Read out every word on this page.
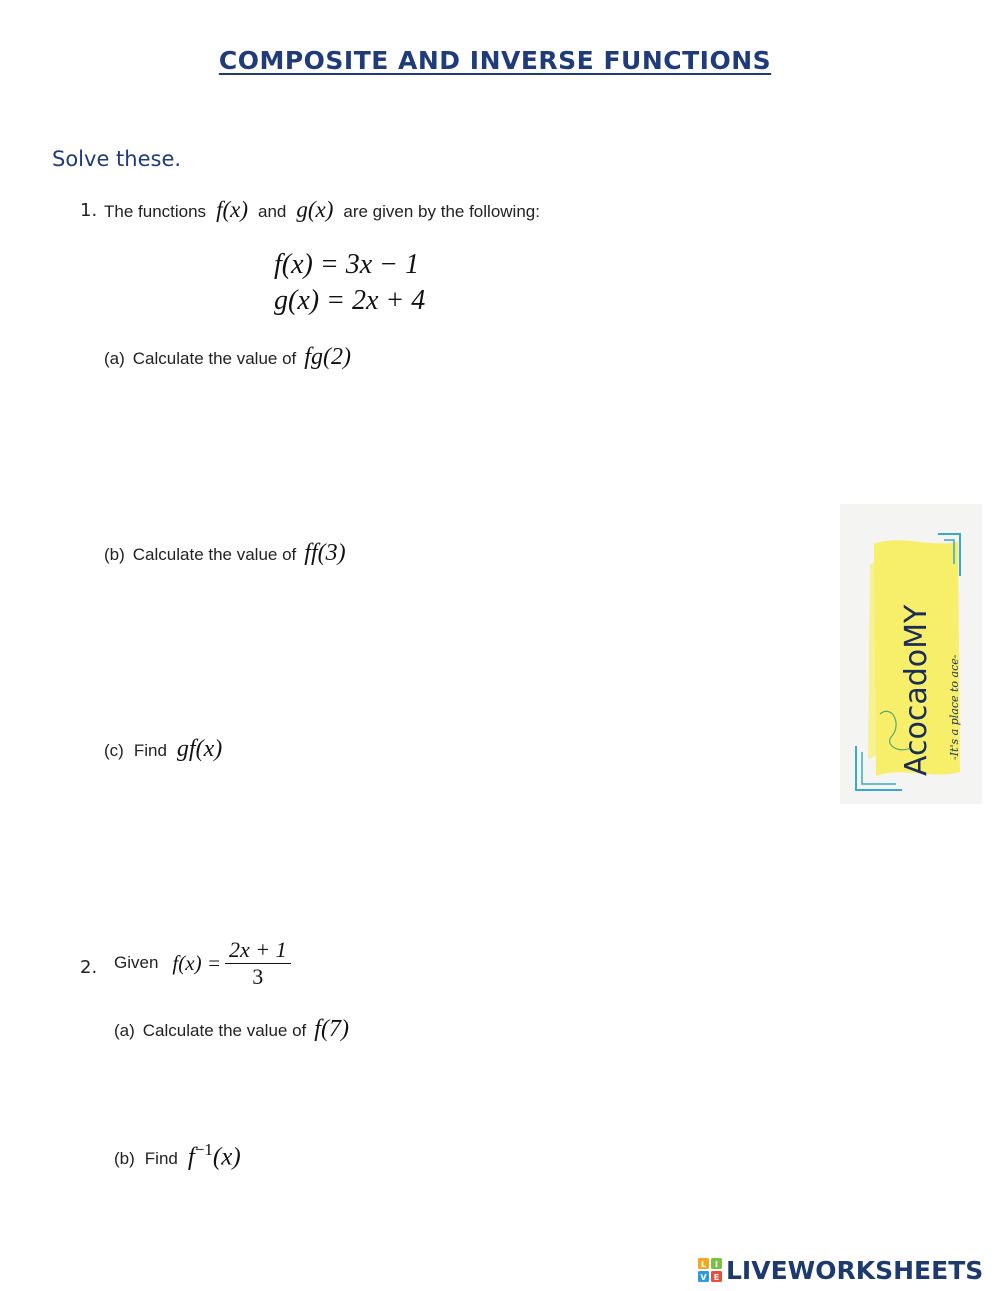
COMPOSITE AND INVERSE FUNCTIONS
Solve these.
1. The functions f(x) and g(x) are given by the following:
f(x) = 3x − 1
g(x) = 2x + 4
(a) Calculate the value of fg(2)
(b) Calculate the value of ff(3)
(c) Find gf(x)	AcocadoMY -It's a place to ace-
2. Given $f(x) = \frac{2x + 1}{3}$
(a) Calculate the value of f(7)
(b) Find $f^{-1}(x)$
L I
V E LIVEWORKSHEETS
